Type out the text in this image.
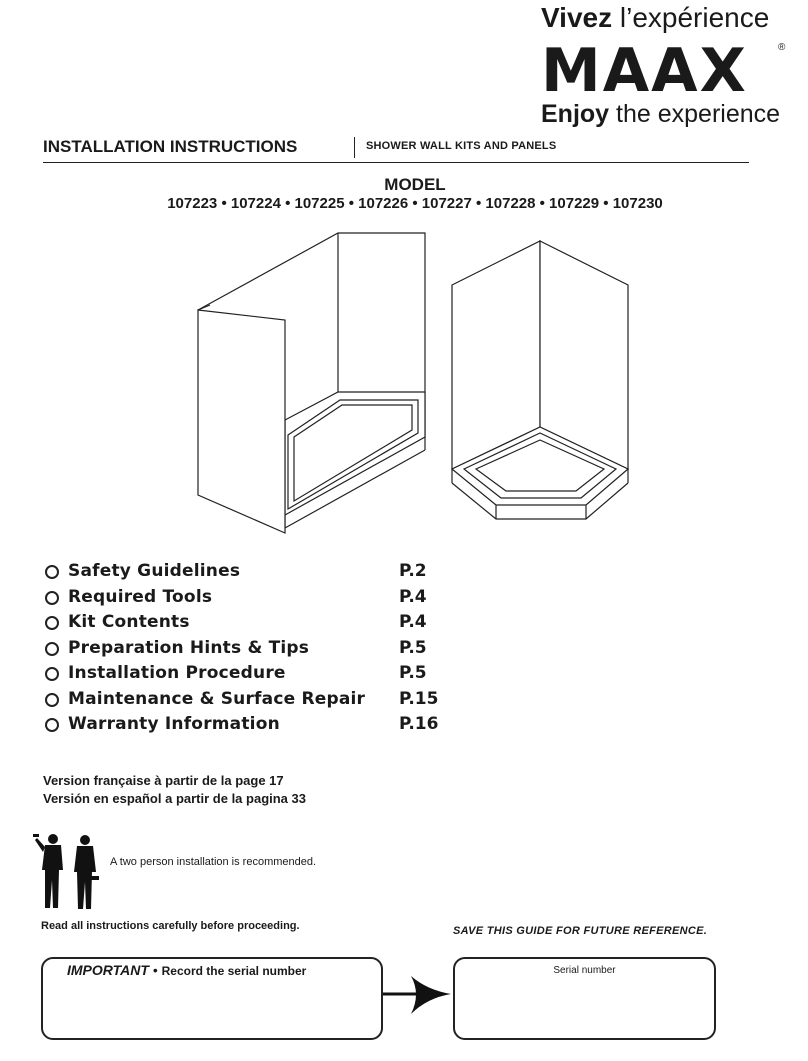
Vivez l’expérience
MAAX	®
Enjoy the experience
INSTALLATION INSTRUCTIONS	SHOWER WALL KITS AND PANELS
MODEL
107223 • 107224 • 107225 • 107226 • 107227 • 107228 • 107229 • 107230
Safety Guidelines	P.2
Required Tools	P.4
Kit Contents	P.4
Preparation Hints & Tips	P.5
Installation Procedure	P.5
Maintenance & Surface Repair P.15
Warranty Information	P.16
Version française à partir de la page 17
Versión en español a partir de la pagina 33
A two person installation is recommended.
Read all instructions carefully before proceeding.	SAVE THIS GUIDE FOR FUTURE REFERENCE.
IMPORTANT • Record the serial number	Serial number
